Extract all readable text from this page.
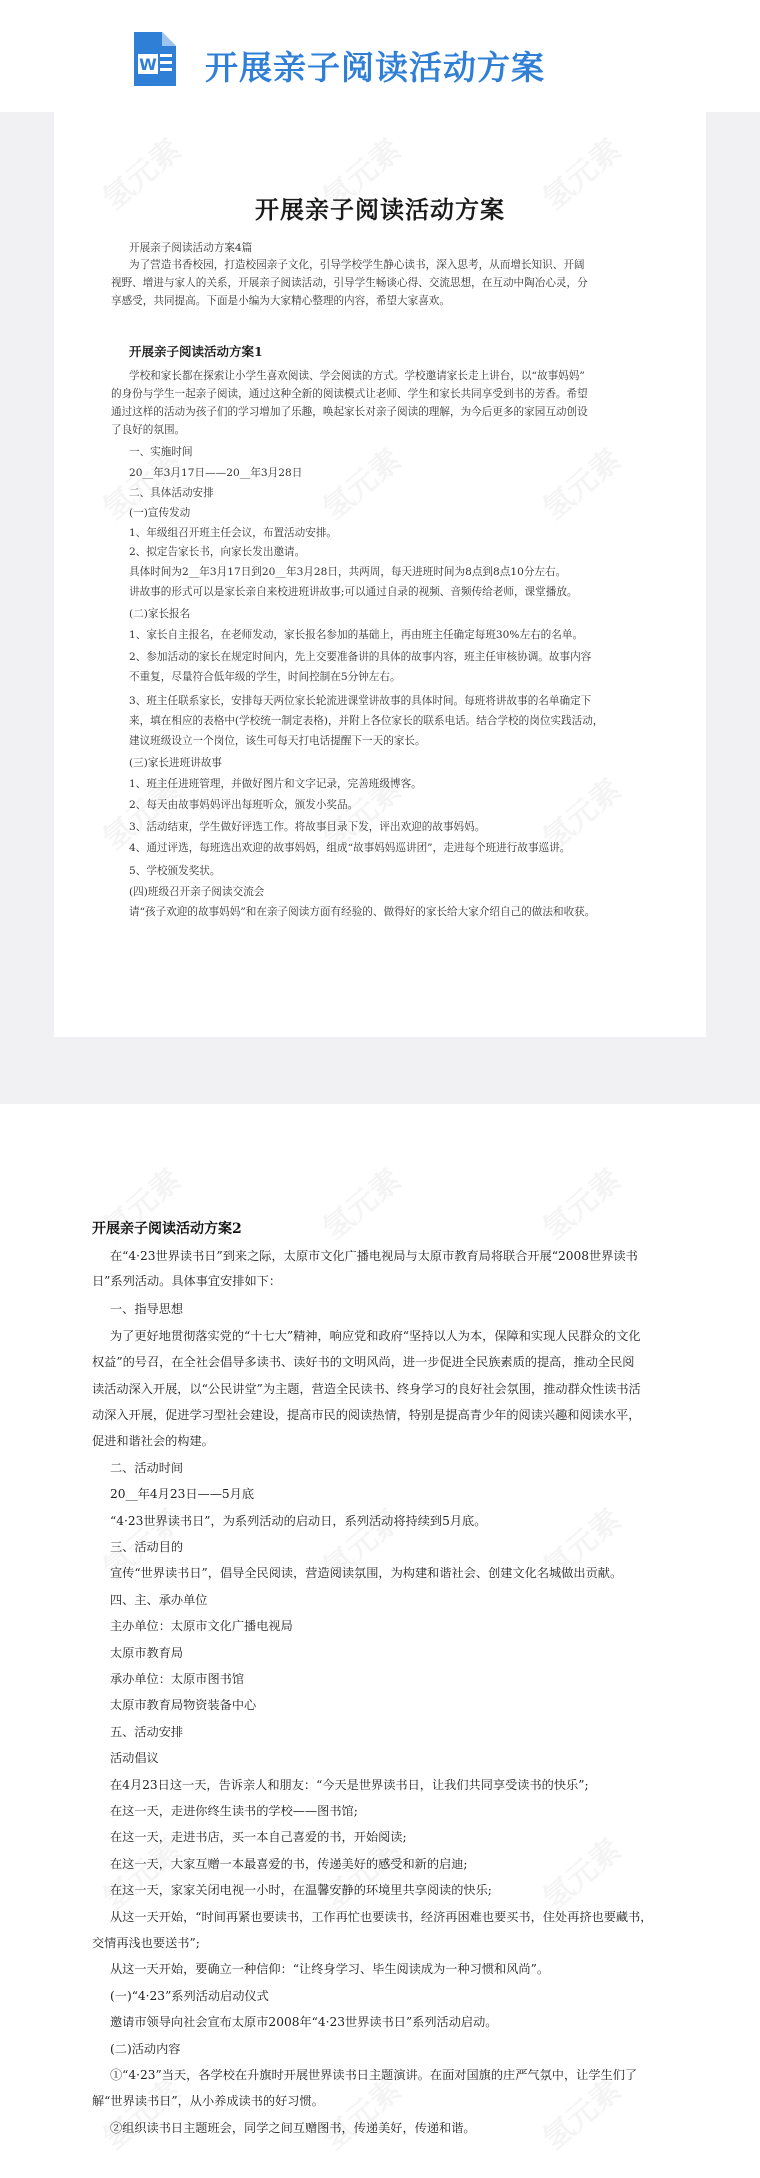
W 开展亲子阅读活动方案
开展亲子阅读活动方案
开展亲子阅读活动方案4篇
为了营造书香校园，打造校园亲子文化，引导学校学生静心读书，深入思考，从而增长知识、开阔
视野、增进与家人的关系，开展亲子阅读活动，引导学生畅谈心得、交流思想，在互动中陶冶心灵，分
享感受，共同提高。下面是小编为大家精心整理的内容，希望大家喜欢。
开展亲子阅读活动方案1
学校和家长都在探索让小学生喜欢阅读、学会阅读的方式。学校邀请家长走上讲台，以“故事妈妈”
的身份与学生一起亲子阅读，通过这种全新的阅读模式让老师、学生和家长共同享受到书的芳香。希望
通过这样的活动为孩子们的学习增加了乐趣，唤起家长对亲子阅读的理解，为今后更多的家园互动创设
了良好的氛围。
一、实施时间
20__年3月17日——20__年3月28日
二、具体活动安排
(一)宣传发动
1、年级组召开班主任会议，布置活动安排。
2、拟定告家长书，向家长发出邀请。
具体时间为2__年3月17日到20__年3月28日，共两周，每天进班时间为8点到8点10分左右。
讲故事的形式可以是家长亲自来校进班讲故事;可以通过自录的视频、音频传给老师，课堂播放。
(二)家长报名
1、家长自主报名，在老师发动，家长报名参加的基础上，再由班主任确定每班30%左右的名单。
2、参加活动的家长在规定时间内，先上交要准备讲的具体的故事内容，班主任审核协调。故事内容
不重复，尽量符合低年级的学生，时间控制在5分钟左右。
3、班主任联系家长，安排每天两位家长轮流进课堂讲故事的具体时间。每班将讲故事的名单确定下
来，填在相应的表格中(学校统一制定表格)，并附上各位家长的联系电话。结合学校的岗位实践活动，
建议班级设立一个岗位，该生可每天打电话提醒下一天的家长。
(三)家长进班讲故事
1、班主任进班管理，并做好图片和文字记录，完善班级博客。
2、每天由故事妈妈评出每班听众，颁发小奖品。
3、活动结束，学生做好评选工作。将故事目录下发，评出欢迎的故事妈妈。
4、通过评选，每班选出欢迎的故事妈妈，组成“故事妈妈巡讲团”，走进每个班进行故事巡讲。
5、学校颁发奖状。
(四)班级召开亲子阅读交流会
请“孩子欢迎的故事妈妈”和在亲子阅读方面有经验的、做得好的家长给大家介绍自己的做法和收获。
开展亲子阅读活动方案2
在“4·23世界读书日”到来之际，太原市文化广播电视局与太原市教育局将联合开展“2008世界读书
日”系列活动。具体事宜安排如下：
一、指导思想
为了更好地贯彻落实党的“十七大”精神，响应党和政府“坚持以人为本，保障和实现人民群众的文化
权益”的号召，在全社会倡导多读书、读好书的文明风尚，进一步促进全民族素质的提高，推动全民阅
读活动深入开展，以“公民讲堂”为主题，营造全民读书、终身学习的良好社会氛围，推动群众性读书活
动深入开展，促进学习型社会建设，提高市民的阅读热情，特别是提高青少年的阅读兴趣和阅读水平，
促进和谐社会的构建。
二、活动时间
20__年4月23日——5月底
“4·23世界读书日”，为系列活动的启动日，系列活动将持续到5月底。
三、活动目的
宣传“世界读书日”，倡导全民阅读，营造阅读氛围，为构建和谐社会、创建文化名城做出贡献。
四、主、承办单位
主办单位：太原市文化广播电视局
太原市教育局
承办单位：太原市图书馆
太原市教育局物资装备中心
五、活动安排
活动倡议
在4月23日这一天，告诉亲人和朋友：“今天是世界读书日，让我们共同享受读书的快乐”;
在这一天，走进你终生读书的学校——图书馆;
在这一天，走进书店，买一本自己喜爱的书，开始阅读;
在这一天，大家互赠一本最喜爱的书，传递美好的感受和新的启迪;
在这一天，家家关闭电视一小时，在温馨安静的环境里共享阅读的快乐;
从这一天开始，“时间再紧也要读书，工作再忙也要读书，经济再困难也要买书，住处再挤也要藏书，
交情再浅也要送书”;
从这一天开始，要确立一种信仰：“让终身学习、毕生阅读成为一种习惯和风尚”。
(一)“4·23”系列活动启动仪式
邀请市领导向社会宣布太原市2008年“4·23世界读书日”系列活动启动。
(二)活动内容
①“4·23”当天，各学校在升旗时开展世界读书日主题演讲。在面对国旗的庄严气氛中，让学生们了
解“世界读书日”，从小养成读书的好习惯。
②组织读书日主题班会，同学之间互赠图书，传递美好，传递和谐。
